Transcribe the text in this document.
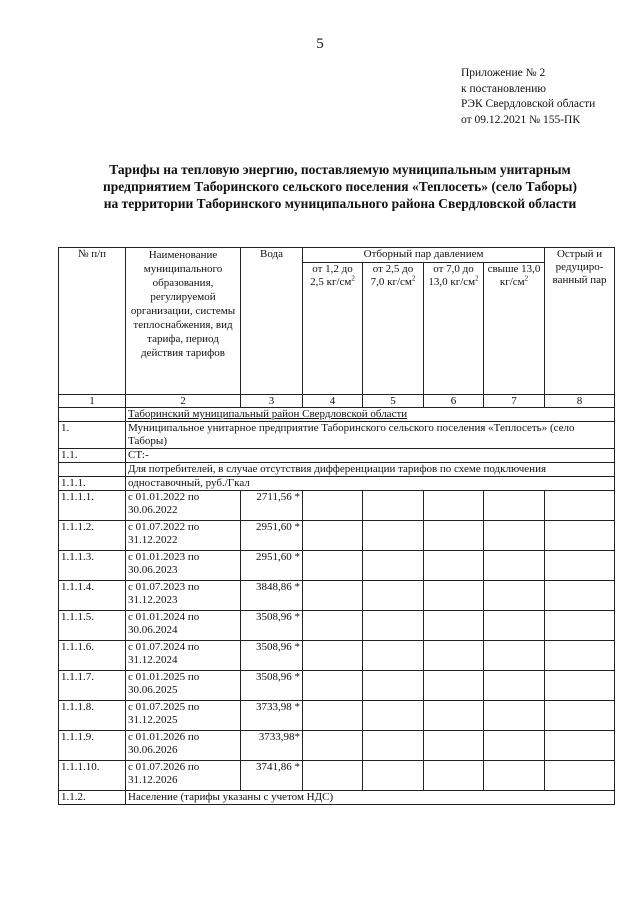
5
Приложение № 2
к постановлению
РЭК Свердловской области
от 09.12.2021 № 155-ПК
Тарифы на тепловую энергию, поставляемую муниципальным унитарным
предприятием Таборинского сельского поселения «Теплосеть» (село Таборы)
на территории Таборинского муниципального района Свердловской области
№ п/п	Наименование муниципального образования, регулируемой организации, системы теплоснабжения, вид тарифа, период действия тарифов	Вода	Отборный пар давлением				Острый и редуциро-ванный пар
			от 1,2 до 2,5 $кг/см^2$	от 2,5 до 7,0 $кг/см^2$	от 7,0 до 13,0 $кг/см^2$	свыше 13,0 $кг/см^2$
1	2	3	4	5	6	7	8
	Таборинский муниципальный район Свердловской области						
1.	Муниципальное унитарное предприятие Таборинского сельского поселения «Теплосеть» (село Таборы)						
1.1.	СТ:-						
	Для потребителей, в случае отсутствия дифференциации тарифов по схеме подключения						
1.1.1.	одноставочный, руб./Гкал						
1.1.1.1.	с 01.01.2022 по 30.06.2022	2711,56 *					
1.1.1.2.	с 01.07.2022 по 31.12.2022	2951,60 *					
1.1.1.3.	с 01.01.2023 по 30.06.2023	2951,60 *					
1.1.1.4.	с 01.07.2023 по 31.12.2023	3848,86 *					
1.1.1.5.	с 01.01.2024 по 30.06.2024	3508,96 *					
1.1.1.6.	с 01.07.2024 по 31.12.2024	3508,96 *					
1.1.1.7.	с 01.01.2025 по 30.06.2025	3508,96 *					
1.1.1.8.	с 01.07.2025 по 31.12.2025	3733,98 *					
1.1.1.9.	с 01.01.2026 по 30.06.2026	3733,98*					
1.1.1.10.	с 01.07.2026 по 31.12.2026	3741,86 *					
1.1.2.	Население (тарифы указаны с учетом НДС)						
